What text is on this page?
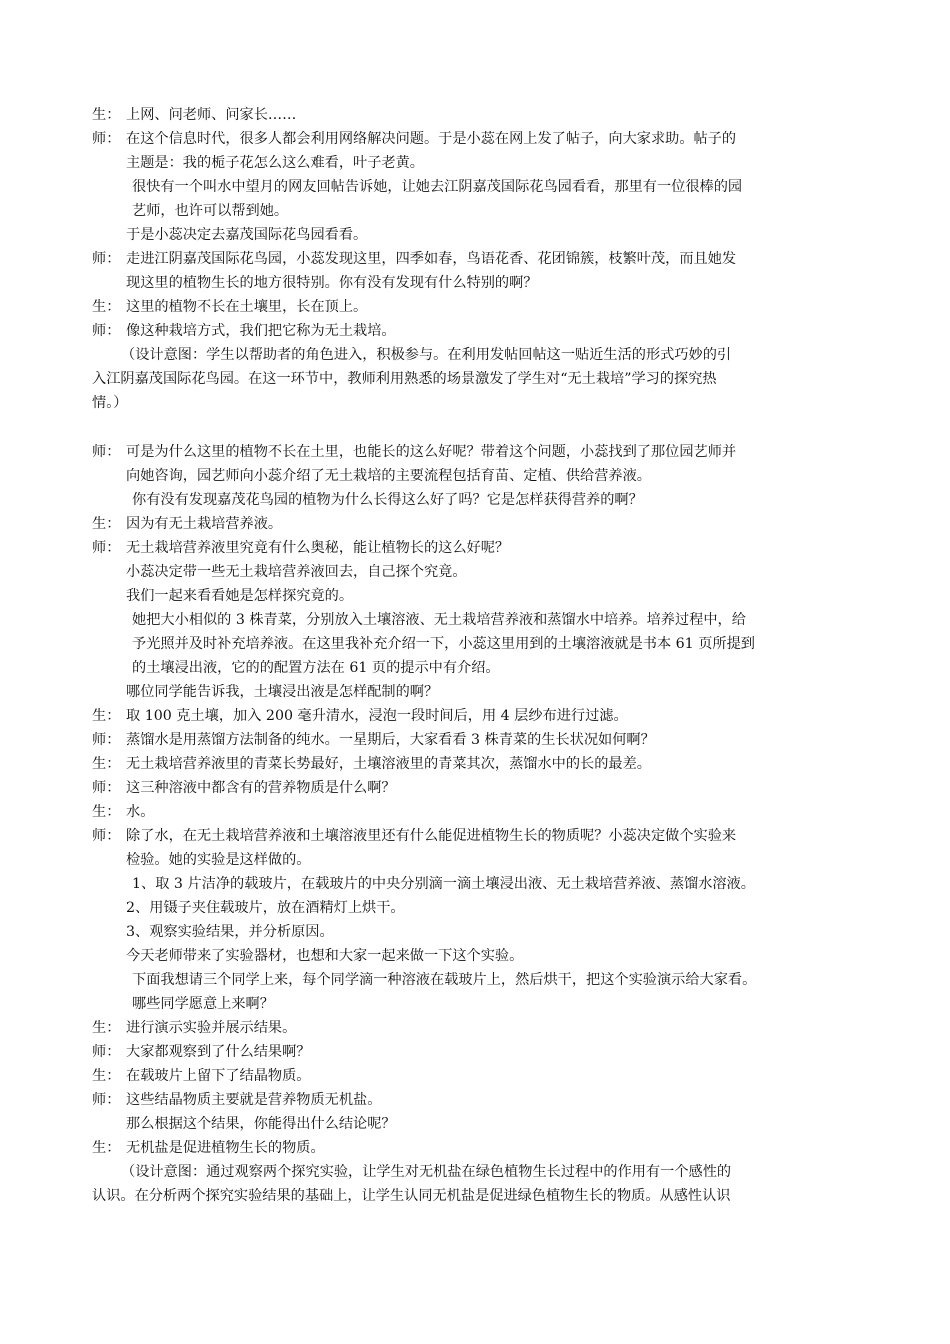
生： 上网、问老师、问家长……
师： 在这个信息时代，很多人都会利用网络解决问题。于是小蕊在网上发了帖子，向大家求助。帖子的
主题是：我的栀子花怎么这么难看，叶子老黄。
很快有一个叫水中望月的网友回帖告诉她，让她去江阴嘉茂国际花鸟园看看，那里有一位很棒的园
艺师，也许可以帮到她。
于是小蕊决定去嘉茂国际花鸟园看看。
师： 走进江阴嘉茂国际花鸟园，小蕊发现这里，四季如春，鸟语花香、花团锦簇，枝繁叶茂，而且她发
现这里的植物生长的地方很特别。你有没有发现有什么特别的啊？
生： 这里的植物不长在土壤里，长在顶上。
师： 像这种栽培方式，我们把它称为无土栽培。
（设计意图：学生以帮助者的角色进入，积极参与。在利用发帖回帖这一贴近生活的形式巧妙的引
入江阴嘉茂国际花鸟园。在这一环节中，教师利用熟悉的场景激发了学生对“无土栽培”学习的探究热
情。）
师： 可是为什么这里的植物不长在土里，也能长的这么好呢？带着这个问题，小蕊找到了那位园艺师并
向她咨询，园艺师向小蕊介绍了无土栽培的主要流程包括育苗、定植、供给营养液。
你有没有发现嘉茂花鸟园的植物为什么长得这么好了吗？它是怎样获得营养的啊？
生： 因为有无土栽培营养液。
师： 无土栽培营养液里究竟有什么奥秘，能让植物长的这么好呢？
小蕊决定带一些无土栽培营养液回去，自己探个究竟。
我们一起来看看她是怎样探究竟的。
她把大小相似的 3 株青菜，分别放入土壤溶液、无土栽培营养液和蒸馏水中培养。培养过程中，给
予光照并及时补充培养液。在这里我补充介绍一下，小蕊这里用到的土壤溶液就是书本 61 页所提到
的土壤浸出液，它的的配置方法在 61 页的提示中有介绍。
哪位同学能告诉我，土壤浸出液是怎样配制的啊？
生： 取 100 克土壤，加入 200 毫升清水，浸泡一段时间后，用 4 层纱布进行过滤。
师： 蒸馏水是用蒸馏方法制备的纯水。一星期后，大家看看 3 株青菜的生长状况如何啊？
生： 无土栽培营养液里的青菜长势最好，土壤溶液里的青菜其次，蒸馏水中的长的最差。
师： 这三种溶液中都含有的营养物质是什么啊？
生： 水。
师： 除了水，在无土栽培营养液和土壤溶液里还有什么能促进植物生长的物质呢？小蕊决定做个实验来
检验。她的实验是这样做的。
1、取 3 片洁净的载玻片，在载玻片的中央分别滴一滴土壤浸出液、无土栽培营养液、蒸馏水溶液。
2、用镊子夹住载玻片，放在酒精灯上烘干。
3、观察实验结果，并分析原因。
今天老师带来了实验器材，也想和大家一起来做一下这个实验。
下面我想请三个同学上来，每个同学滴一种溶液在载玻片上，然后烘干，把这个实验演示给大家看。
哪些同学愿意上来啊？
生： 进行演示实验并展示结果。
师： 大家都观察到了什么结果啊？
生： 在载玻片上留下了结晶物质。
师： 这些结晶物质主要就是营养物质无机盐。
那么根据这个结果，你能得出什么结论呢？
生： 无机盐是促进植物生长的物质。
（设计意图：通过观察两个探究实验，让学生对无机盐在绿色植物生长过程中的作用有一个感性的
认识。在分析两个探究实验结果的基础上，让学生认同无机盐是促进绿色植物生长的物质。从感性认识
